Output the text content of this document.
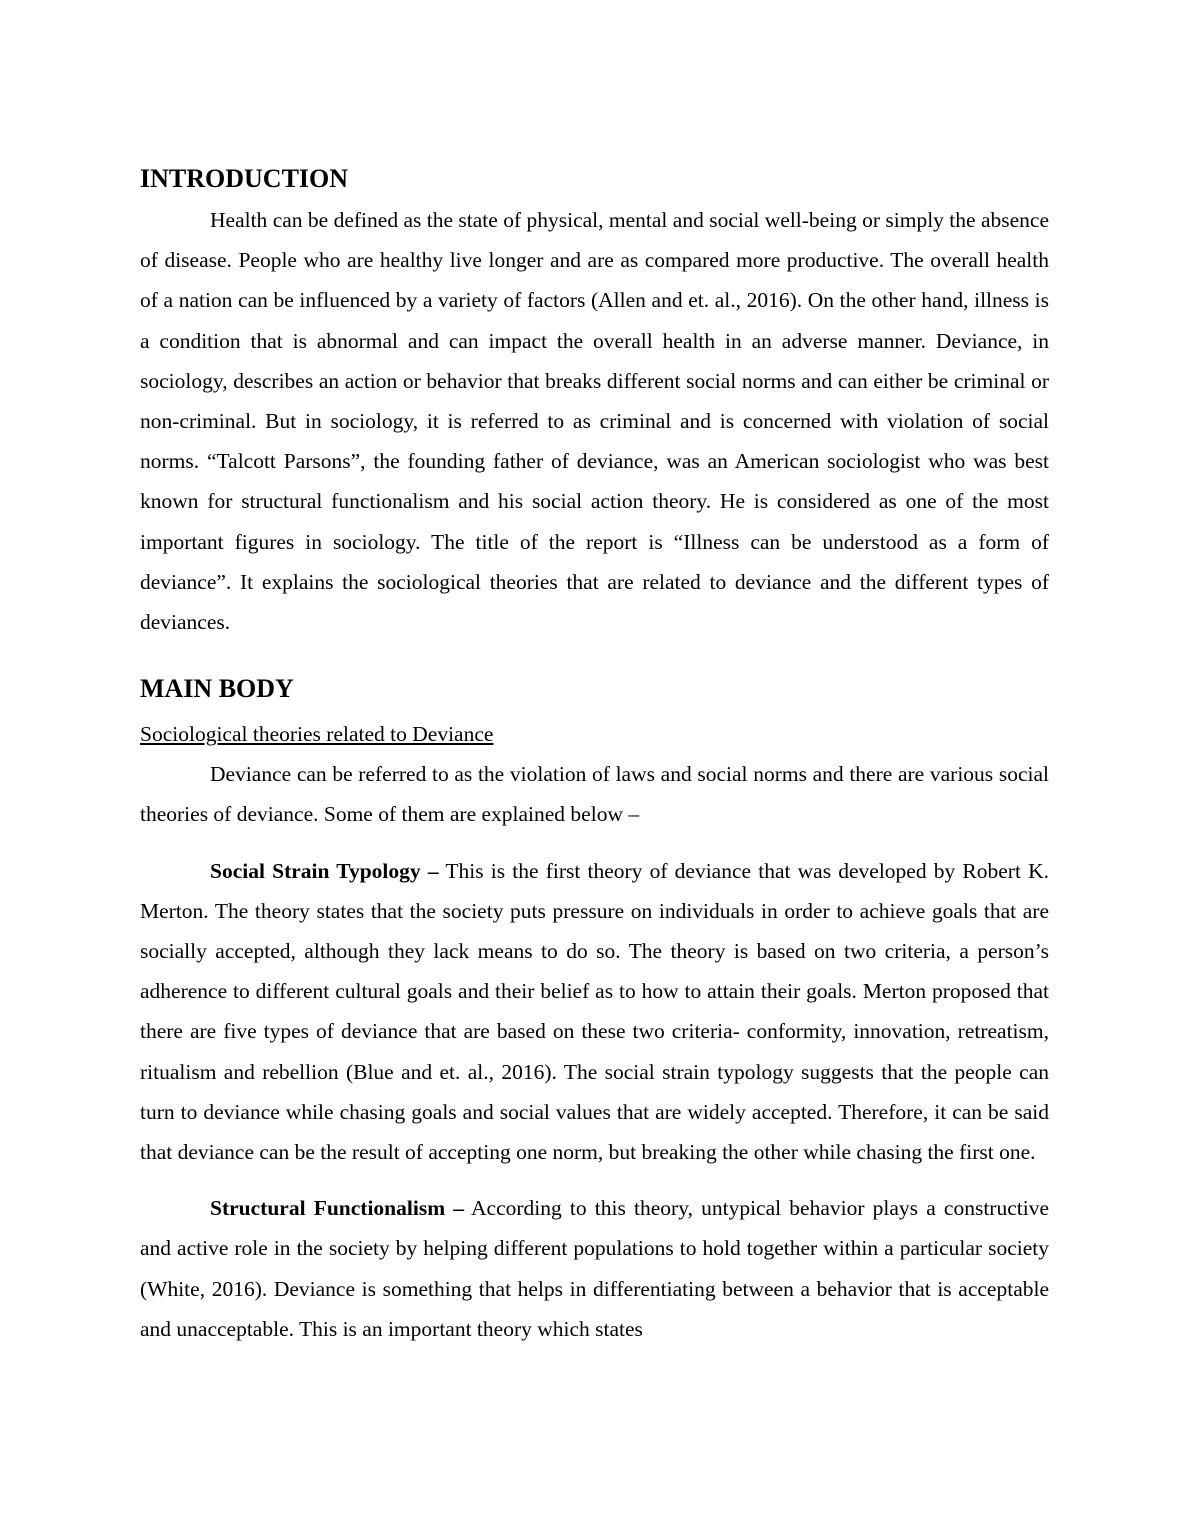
INTRODUCTION

Health can be defined as the state of physical, mental and social well-being or simply the absence of disease. People who are healthy live longer and are as compared more productive. The overall health of a nation can be influenced by a variety of factors (Allen and et. al., 2016). On the other hand, illness is a condition that is abnormal and can impact the overall health in an adverse manner. Deviance, in sociology, describes an action or behavior that breaks different social norms and can either be criminal or non-criminal. But in sociology, it is referred to as criminal and is concerned with violation of social norms. “Talcott Parsons”, the founding father of deviance, was an American sociologist who was best known for structural functionalism and his social action theory. He is considered as one of the most important figures in sociology. The title of the report is “Illness can be understood as a form of deviance”. It explains the sociological theories that are related to deviance and the different types of deviances.

MAIN BODY

Sociological theories related to Deviance

Deviance can be referred to as the violation of laws and social norms and there are various social theories of deviance. Some of them are explained below –

Social Strain Typology – This is the first theory of deviance that was developed by Robert K. Merton. The theory states that the society puts pressure on individuals in order to achieve goals that are socially accepted, although they lack means to do so. The theory is based on two criteria, a person’s adherence to different cultural goals and their belief as to how to attain their goals. Merton proposed that there are five types of deviance that are based on these two criteria- conformity, innovation, retreatism, ritualism and rebellion (Blue and et. al., 2016). The social strain typology suggests that the people can turn to deviance while chasing goals and social values that are widely accepted. Therefore, it can be said that deviance can be the result of accepting one norm, but breaking the other while chasing the first one.

Structural Functionalism – According to this theory, untypical behavior plays a constructive and active role in the society by helping different populations to hold together within a particular society (White, 2016). Deviance is something that helps in differentiating between a behavior that is acceptable and unacceptable. This is an important theory which states
